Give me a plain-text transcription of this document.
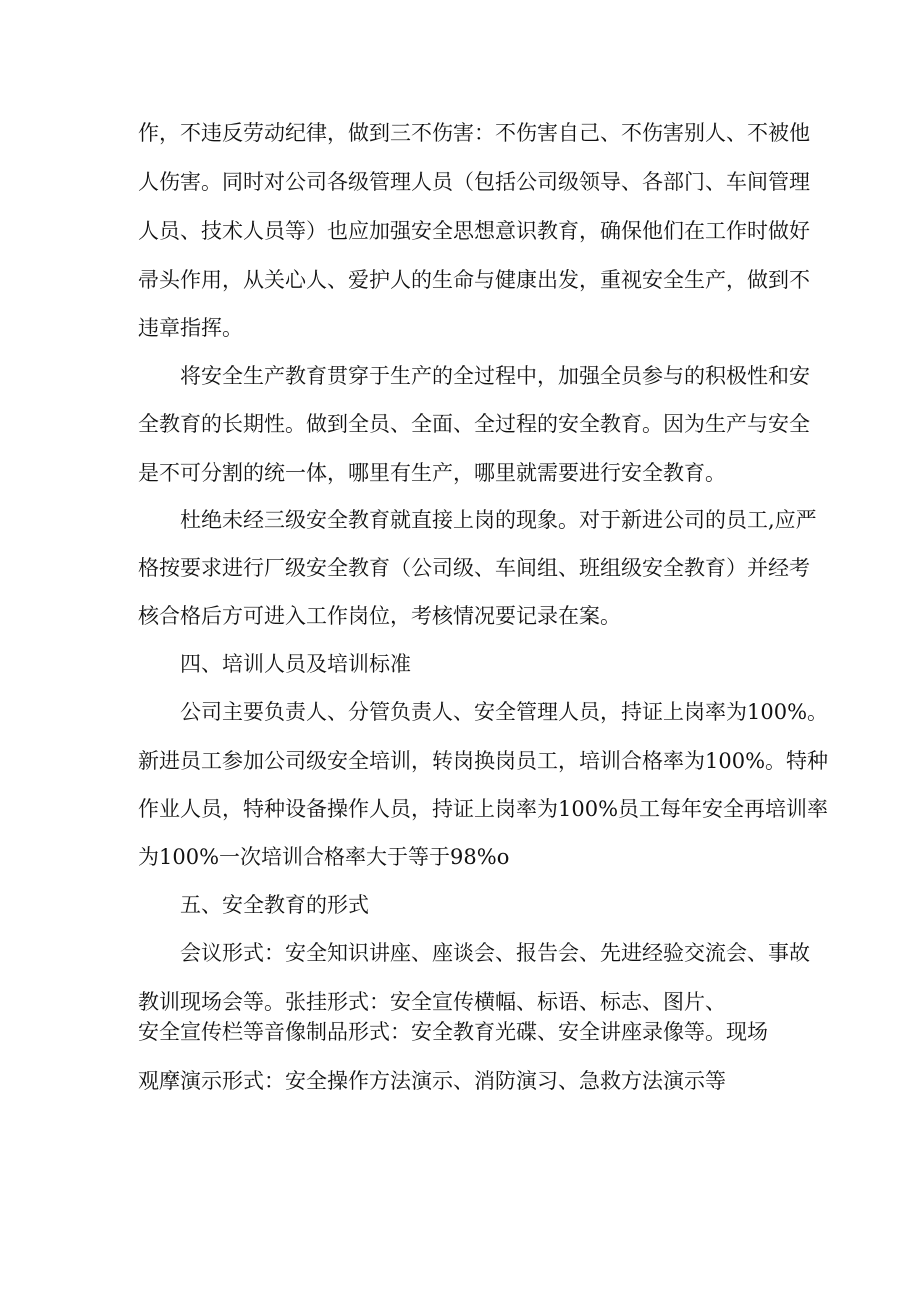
作，不违反劳动纪律，做到三不伤害：不伤害自己、不伤害别人、不被他
人伤害。同时对公司各级管理人员（包括公司级领导、各部门、车间管理
人员、技术人员等）也应加强安全思想意识教育，确保他们在工作时做好
帚头作用，从关心人、爱护人的生命与健康出发，重视安全生产，做到不
违章指挥。
将安全生产教育贯穿于生产的全过程中，加强全员参与的积极性和安
全教育的长期性。做到全员、全面、全过程的安全教育。因为生产与安全
是不可分割的统一体，哪里有生产，哪里就需要进行安全教育。
杜绝未经三级安全教育就直接上岗的现象。对于新进公司的员工,应严
格按要求进行厂级安全教育（公司级、车间组、班组级安全教育）并经考
核合格后方可进入工作岗位，考核情况要记录在案。
四、培训人员及培训标准
公司主要负责人、分管负责人、安全管理人员，持证上岗率为100%。
新进员工参加公司级安全培训，转岗换岗员工，培训合格率为100%。特种
作业人员，特种设备操作人员，持证上岗率为100%员工每年安全再培训率
为100%一次培训合格率大于等于98%o
五、安全教育的形式
会议形式：安全知识讲座、座谈会、报告会、先进经验交流会、事故
教训现场会等。张挂形式：安全宣传横幅、标语、标志、图片、
安全宣传栏等音像制品形式：安全教育光碟、安全讲座录像等。现场
观摩演示形式：安全操作方法演示、消防演习、急救方法演示等
